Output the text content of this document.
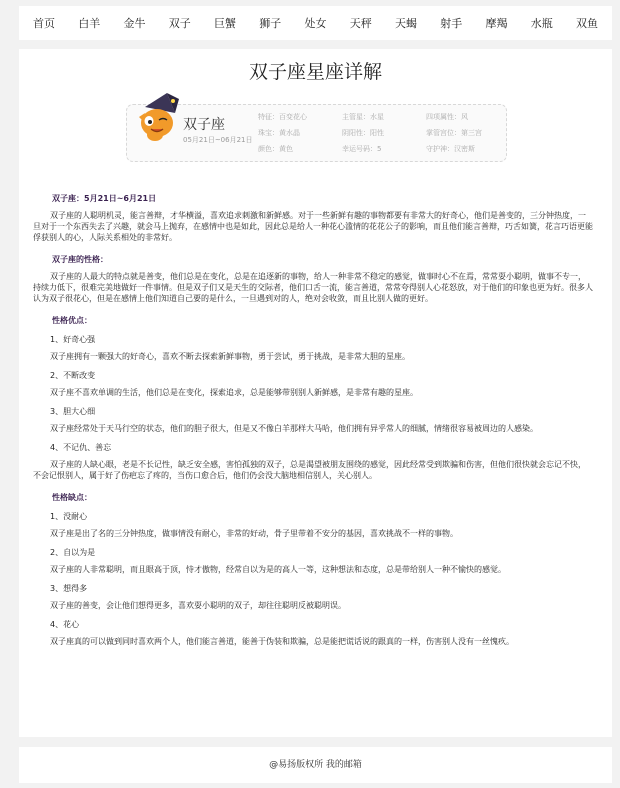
首页 白羊 金牛 双子 巨蟹 狮子 处女 天秤 天蝎 射手 摩羯 水瓶 双鱼
双子座星座详解
双子座
05月21日~06月21日
特征：百变花心	主管星：水星	四项属性：风
珠宝：黄水晶	阴阳性：阳性	掌管宫位：第三宫
颜色：黄色	幸运号码：5	守护神：汉密斯
双子座：5月21日~6月21日
双子座的人聪明机灵，能言善辩，才华横溢，喜欢追求刺激和新鲜感。对于一些新鲜有趣的事物都要有非常大的好奇心，他们是善变的，三分钟热度，一旦对于一个东西失去了兴趣，就会马上抛弃，在感情中也是如此，因此总是给人一种花心滥情的花花公子的影响，而且他们能言善辩，巧舌如簧，花言巧语更能俘获别人的心，人际关系相处的非常好。
双子座的性格：
双子座的人最大的特点就是善变，他们总是在变化，总是在追逐新的事物，给人一种非常不稳定的感觉，做事时心不在焉，常常耍小聪明，做事不专一，持续力低下，很难完美地做好一件事情。但是双子们又是天生的交际者，他们口舌一流，能言善道，常常夸得别人心花怒放，对于他们的印象也更为好。很多人认为双子很花心，但是在感情上他们知道自己要的是什么，一旦遇到对的人，绝对会收敛，而且比别人做的更好。
性格优点：
1、好奇心强
双子座拥有一颗强大的好奇心，喜欢不断去探索新鲜事物，勇于尝试，勇于挑战，是非常大胆的星座。
2、不断改变
双子座不喜欢单调的生活，他们总是在变化，探索追求，总是能够带别别人新鲜感，是非常有趣的星座。
3、胆大心细
双子座经常处于天马行空的状态，他们的胆子很大，但是又不像白羊那样大马哈，他们拥有异乎常人的细腻，情绪很容易被周边的人感染。
4、不记仇、善忘
双子座的人缺心眼，老是不长记性，缺乏安全感，害怕孤独的双子，总是渴望被朋友围绕的感觉，因此经常受到欺骗和伤害，但他们很快就会忘记不快，不会记恨别人，属于好了伤疤忘了疼的，当伤口愈合后，他们仍会没大脑地相信别人，关心别人。
性格缺点：
1、没耐心
双子座是出了名的三分钟热度，做事情没有耐心，非常的好动，骨子里带着不安分的基因，喜欢挑战不一样的事物。
2、自以为是
双子座的人非常聪明，而且眼高于顶，恃才傲物，经常自以为是的高人一等，这种想法和态度，总是带给别人一种不愉快的感觉。
3、想得多
双子座的善变，会让他们想得更多，喜欢耍小聪明的双子，却往往聪明反被聪明误。
4、花心
双子座真的可以做到同时喜欢两个人，他们能言善道，能善于伪装和欺骗，总是能把谎话说的跟真的一样，伤害别人没有一丝愧疚。
@易扬版权所 我的邮箱
